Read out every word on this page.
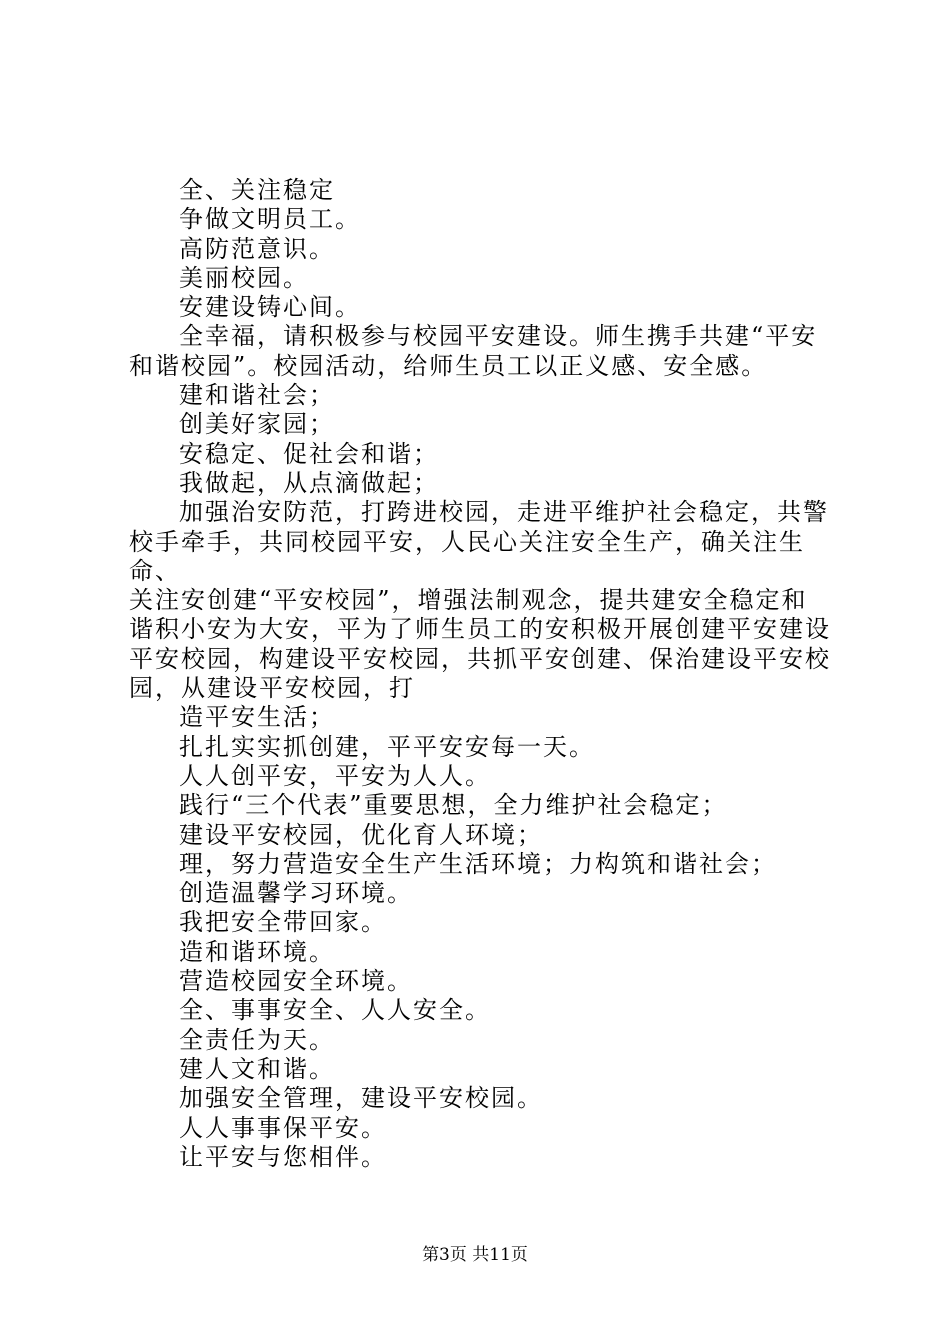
全、关注稳定

争做文明员工。

高防范意识。

美丽校园。

安建设铸心间。

全幸福，请积极参与校园平安建设。师生携手共建“平安
和谐校园”。校园活动，给师生员工以正义感、安全感。

建和谐社会；

创美好家园；

安稳定、促社会和谐；

我做起，从点滴做起；

加强治安防范，打跨进校园，走进平维护社会稳定，共警
校手牵手，共同校园平安，人民心关注安全生产，确关注生命、
关注安创建“平安校园”，增强法制观念，提共建安全稳定和
谐积小安为大安，平为了师生员工的安积极开展创建平安建设
平安校园，构建设平安校园，共抓平安创建、保治建设平安校
园，从建设平安校园，打

造平安生活；

扎扎实实抓创建，平平安安每一天。

人人创平安，平安为人人。

践行“三个代表”重要思想，全力维护社会稳定；

建设平安校园，优化育人环境；

理，努力营造安全生产生活环境；力构筑和谐社会；

创造温馨学习环境。

我把安全带回家。

造和谐环境。

营造校园安全环境。

全、事事安全、人人安全。

全责任为天。

建人文和谐。

加强安全管理，建设平安校园。

人人事事保平安。

让平安与您相伴。

第3页 共11页
